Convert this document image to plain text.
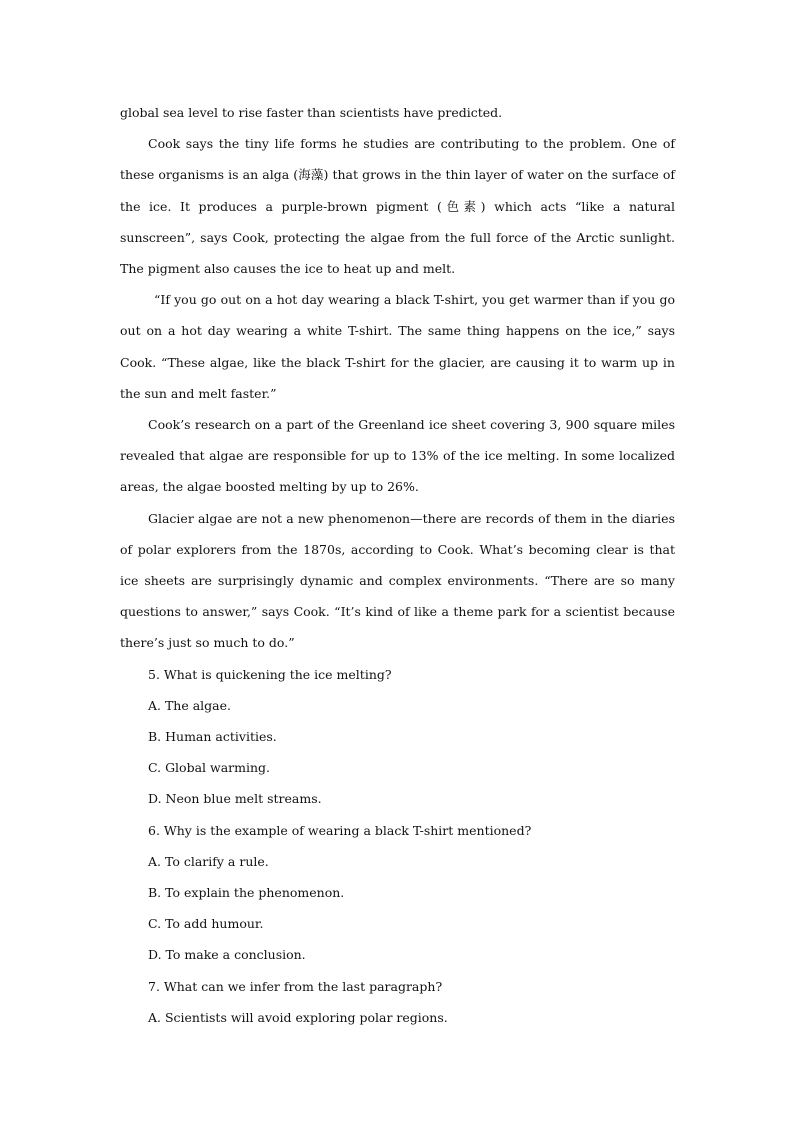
global sea level to rise faster than scientists have predicted.

Cook says the tiny life forms he studies are contributing to the problem. One of these organisms is an alga (海藻) that grows in the thin layer of water on the surface of the ice. It produces a purple-brown pigment (色素) which acts “like a natural sunscreen”, says Cook, protecting the algae from the full force of the Arctic sunlight. The pigment also causes the ice to heat up and melt.

“If you go out on a hot day wearing a black T-shirt, you get warmer than if you go out on a hot day wearing a white T-shirt. The same thing happens on the ice,” says Cook. “These algae, like the black T-shirt for the glacier, are causing it to warm up in the sun and melt faster.”

Cook’s research on a part of the Greenland ice sheet covering 3, 900 square miles revealed that algae are responsible for up to 13% of the ice melting. In some localized areas, the algae boosted melting by up to 26%.

Glacier algae are not a new phenomenon—there are records of them in the diaries of polar explorers from the 1870s, according to Cook. What’s becoming clear is that ice sheets are surprisingly dynamic and complex environments. “There are so many questions to answer,” says Cook. “It’s kind of like a theme park for a scientist because there’s just so much to do.”

5. What is quickening the ice melting?

A. The algae.

B. Human activities.

C. Global warming.

D. Neon blue melt streams.

6. Why is the example of wearing a black T-shirt mentioned?

A. To clarify a rule.

B. To explain the phenomenon.

C. To add humour.

D. To make a conclusion.

7. What can we infer from the last paragraph?

A. Scientists will avoid exploring polar regions.
